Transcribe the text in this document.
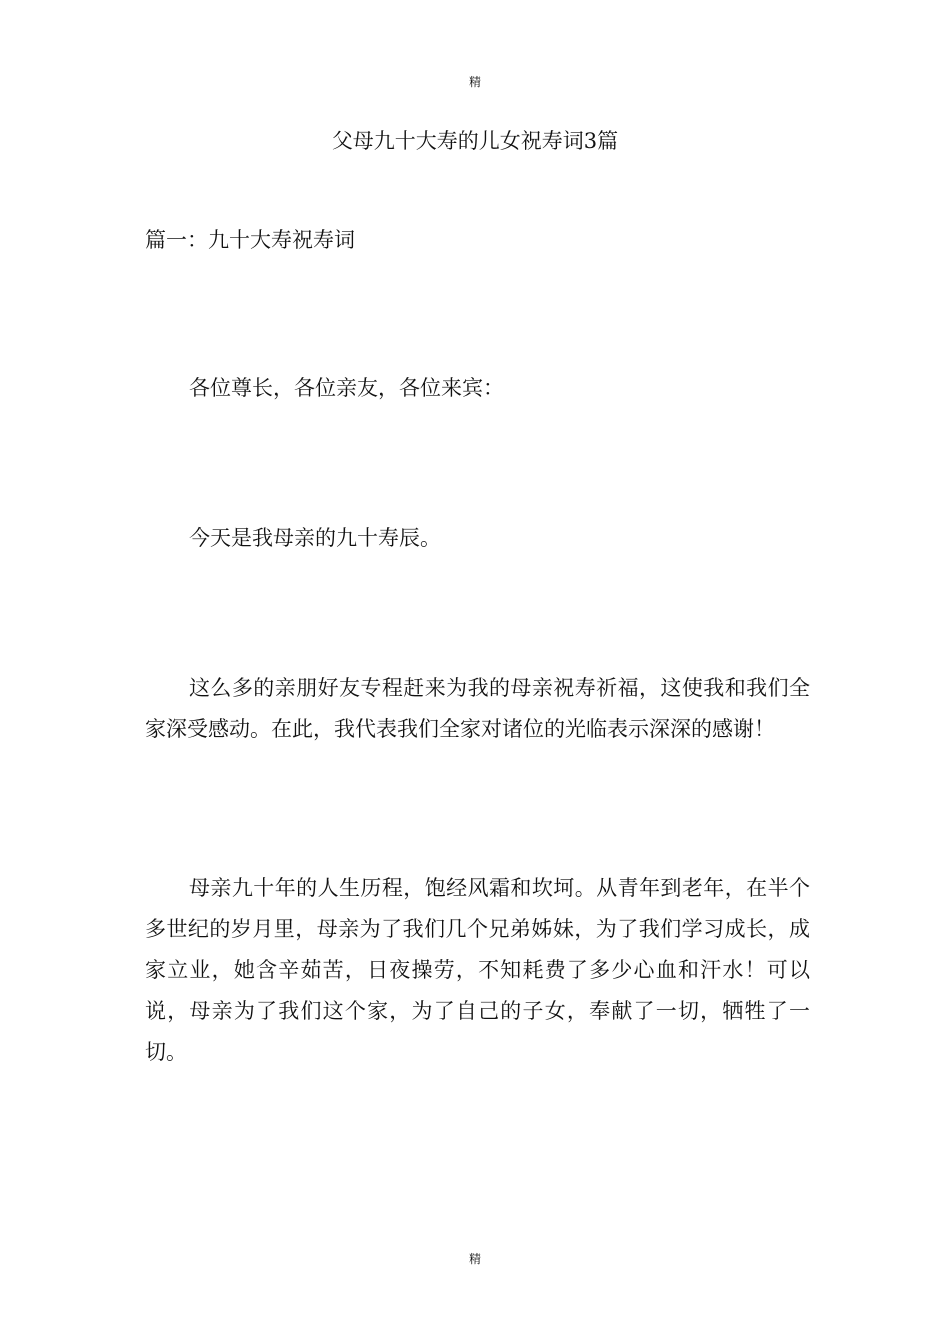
精
父母九十大寿的儿女祝寿词3篇
篇一：九十大寿祝寿词

各位尊长，各位亲友，各位来宾：

今天是我母亲的九十寿辰。

这么多的亲朋好友专程赶来为我的母亲祝寿祈福，这使我和我们全家深受感动。在此，我代表我们全家对诸位的光临表示深深的感谢！

母亲九十年的人生历程，饱经风霜和坎坷。从青年到老年，在半个多世纪的岁月里，母亲为了我们几个兄弟姊妹，为了我们学习成长，成家立业，她含辛茹苦，日夜操劳，不知耗费了多少心血和汗水！可以说，母亲为了我们这个家，为了自己的子女，奉献了一切，牺牲了一切。

精
